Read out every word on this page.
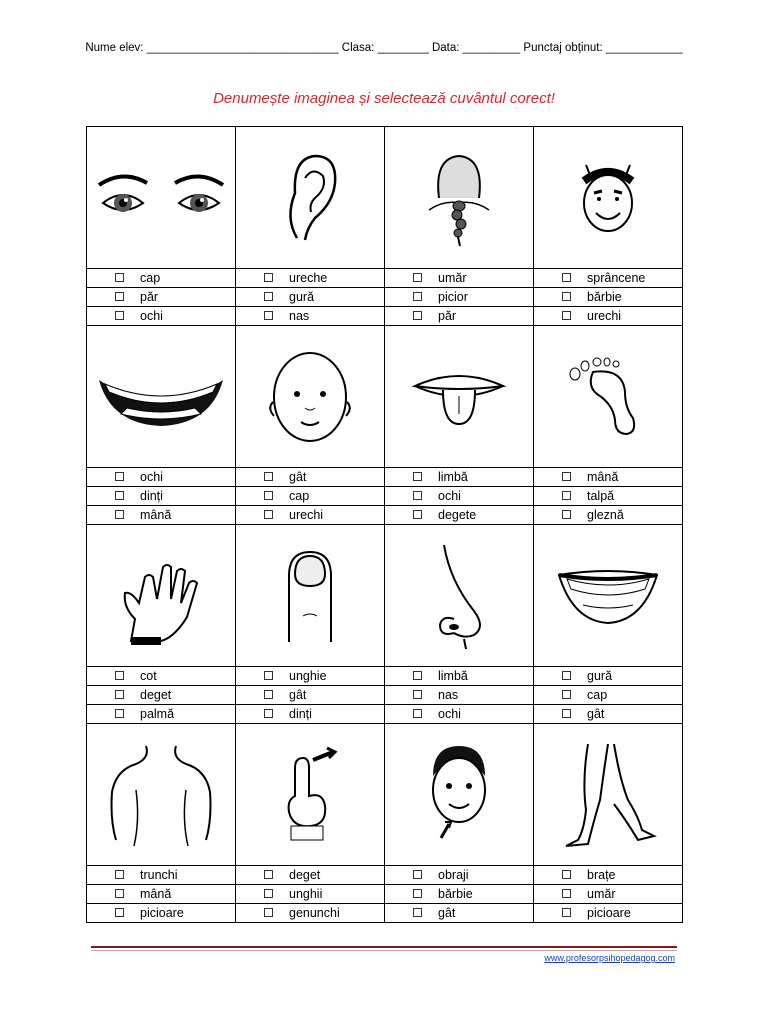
Nume elev: ______________________________ Clasa: ________ Data: _________ Punctaj obținut: ____________
Denumește imaginea și selectează cuvântul corect!

cap	ureche	umăr	sprâncene
păr	gură	picior	bărbie
ochi	nas	păr	urechi

ochi	gât	limbă	mână
dinți	cap	ochi	talpă
mână	urechi	degete	gleznă

cot	unghie	limbă	gură
deget	gât	nas	cap
palmă	dinți	ochi	gât

trunchi	deget	obraji	brațe
mână	unghii	bărbie	umăr
picioare	genunchi	gât	picioare
www.profesorpsihopedagog.com
